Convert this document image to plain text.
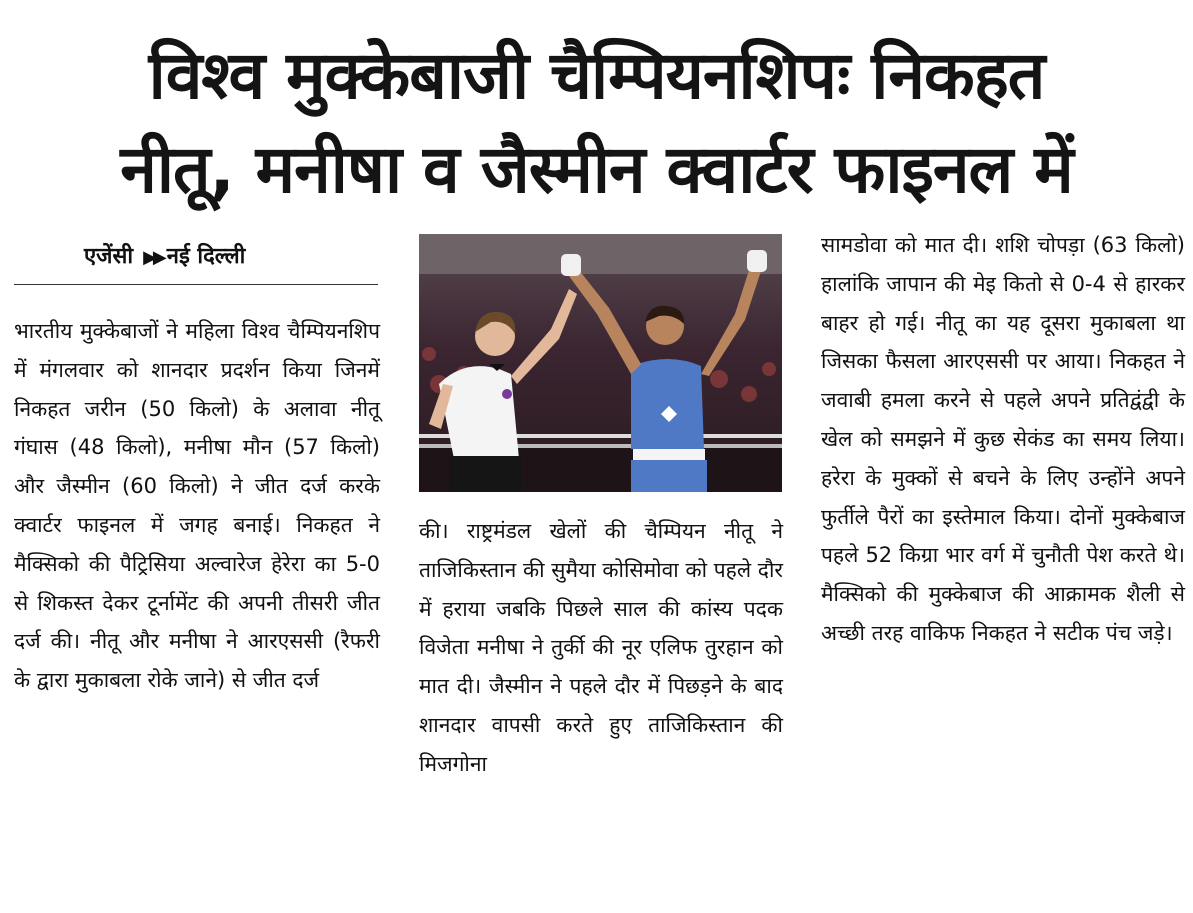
विश्व मुक्केबाजी चैम्पियनशिपः निकहत
नीतू, मनीषा व जैस्मीन क्वार्टर फाइनल में
एजेंसी ▶▶ नई दिल्ली

भारतीय मुक्केबाजों ने महिला विश्व चैम्पियनशिप में मंगलवार को शानदार प्रदर्शन किया जिनमें निकहत जरीन (50 किलो) के अलावा नीतू गंघास (48 किलो), मनीषा मौन (57 किलो) और जैस्मीन (60 किलो) ने जीत दर्ज करके क्वार्टर फाइनल में जगह बनाई। निकहत ने मैक्सिको की पैट्रिसिया अल्वारेज हेरेरा का 5-0 से शिकस्त देकर टूर्नामेंट की अपनी तीसरी जीत दर्ज की। नीतू और मनीषा ने आरएससी (रैफरी के द्वारा मुकाबला रोके जाने) से जीत दर्ज

की। राष्ट्रमंडल खेलों की चैम्पियन नीतू ने ताजिकिस्तान की सुमैया कोसिमोवा को पहले दौर में हराया जबकि पिछले साल की कांस्य पदक विजेता मनीषा ने तुर्की की नूर एलिफ तुरहान को मात दी। जैस्मीन ने पहले दौर में पिछड़ने के बाद शानदार वापसी करते हुए ताजिकिस्तान की मिजगोना

सामडोवा को मात दी। शशि चोपड़ा (63 किलो) हालांकि जापान की मेइ कितो से 0-4 से हारकर बाहर हो गई। नीतू का यह दूसरा मुकाबला था जिसका फैसला आरएससी पर आया। निकहत ने जवाबी हमला करने से पहले अपने प्रतिद्वंद्वी के खेल को समझने में कुछ सेकंड का समय लिया। हरेरा के मुक्कों से बचने के लिए उन्होंने अपने फुर्तीले पैरों का इस्तेमाल किया। दोनों मुक्केबाज पहले 52 किग्रा भार वर्ग में चुनौती पेश करते थे। मैक्सिको की मुक्केबाज की आक्रामक शैली से अच्छी तरह वाकिफ निकहत ने सटीक पंच जड़े।
